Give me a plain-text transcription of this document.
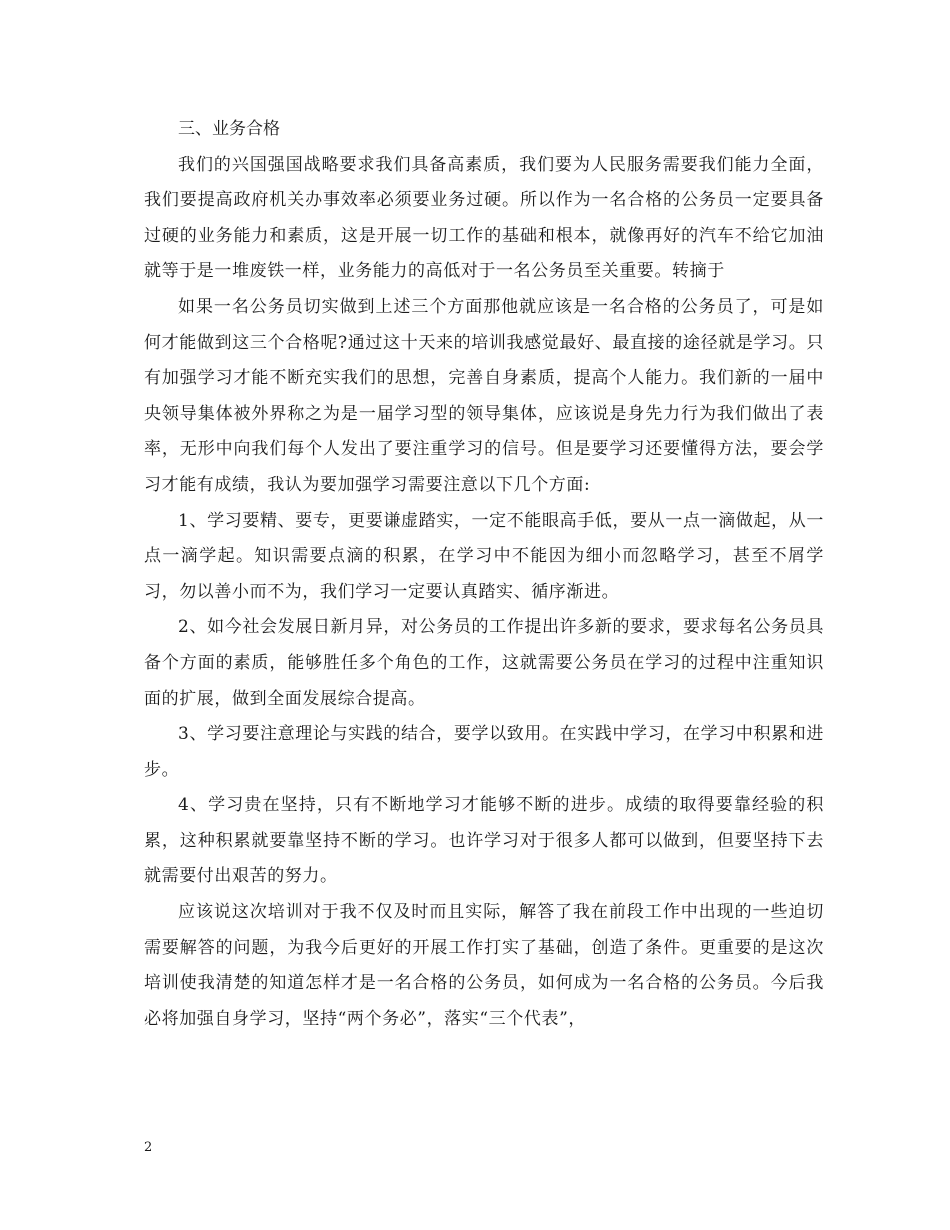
三、业务合格

我们的兴国强国战略要求我们具备高素质，我们要为人民服务需要我们能力全面，我们要提高政府机关办事效率必须要业务过硬。所以作为一名合格的公务员一定要具备过硬的业务能力和素质，这是开展一切工作的基础和根本，就像再好的汽车不给它加油就等于是一堆废铁一样，业务能力的高低对于一名公务员至关重要。转摘于

如果一名公务员切实做到上述三个方面那他就应该是一名合格的公务员了，可是如何才能做到这三个合格呢?通过这十天来的培训我感觉最好、最直接的途径就是学习。只有加强学习才能不断充实我们的思想，完善自身素质，提高个人能力。我们新的一届中央领导集体被外界称之为是一届学习型的领导集体，应该说是身先力行为我们做出了表率，无形中向我们每个人发出了要注重学习的信号。但是要学习还要懂得方法，要会学习才能有成绩，我认为要加强学习需要注意以下几个方面:

1、学习要精、要专，更要谦虚踏实，一定不能眼高手低，要从一点一滴做起，从一点一滴学起。知识需要点滴的积累，在学习中不能因为细小而忽略学习，甚至不屑学习，勿以善小而不为，我们学习一定要认真踏实、循序渐进。

2、如今社会发展日新月异，对公务员的工作提出许多新的要求，要求每名公务员具备个方面的素质，能够胜任多个角色的工作，这就需要公务员在学习的过程中注重知识面的扩展，做到全面发展综合提高。

3、学习要注意理论与实践的结合，要学以致用。在实践中学习，在学习中积累和进步。

4、学习贵在坚持，只有不断地学习才能够不断的进步。成绩的取得要靠经验的积累，这种积累就要靠坚持不断的学习。也许学习对于很多人都可以做到，但要坚持下去就需要付出艰苦的努力。

应该说这次培训对于我不仅及时而且实际，解答了我在前段工作中出现的一些迫切需要解答的问题，为我今后更好的开展工作打实了基础，创造了条件。更重要的是这次培训使我清楚的知道怎样才是一名合格的公务员，如何成为一名合格的公务员。今后我必将加强自身学习，坚持“两个务必”，落实“三个代表”，

2
